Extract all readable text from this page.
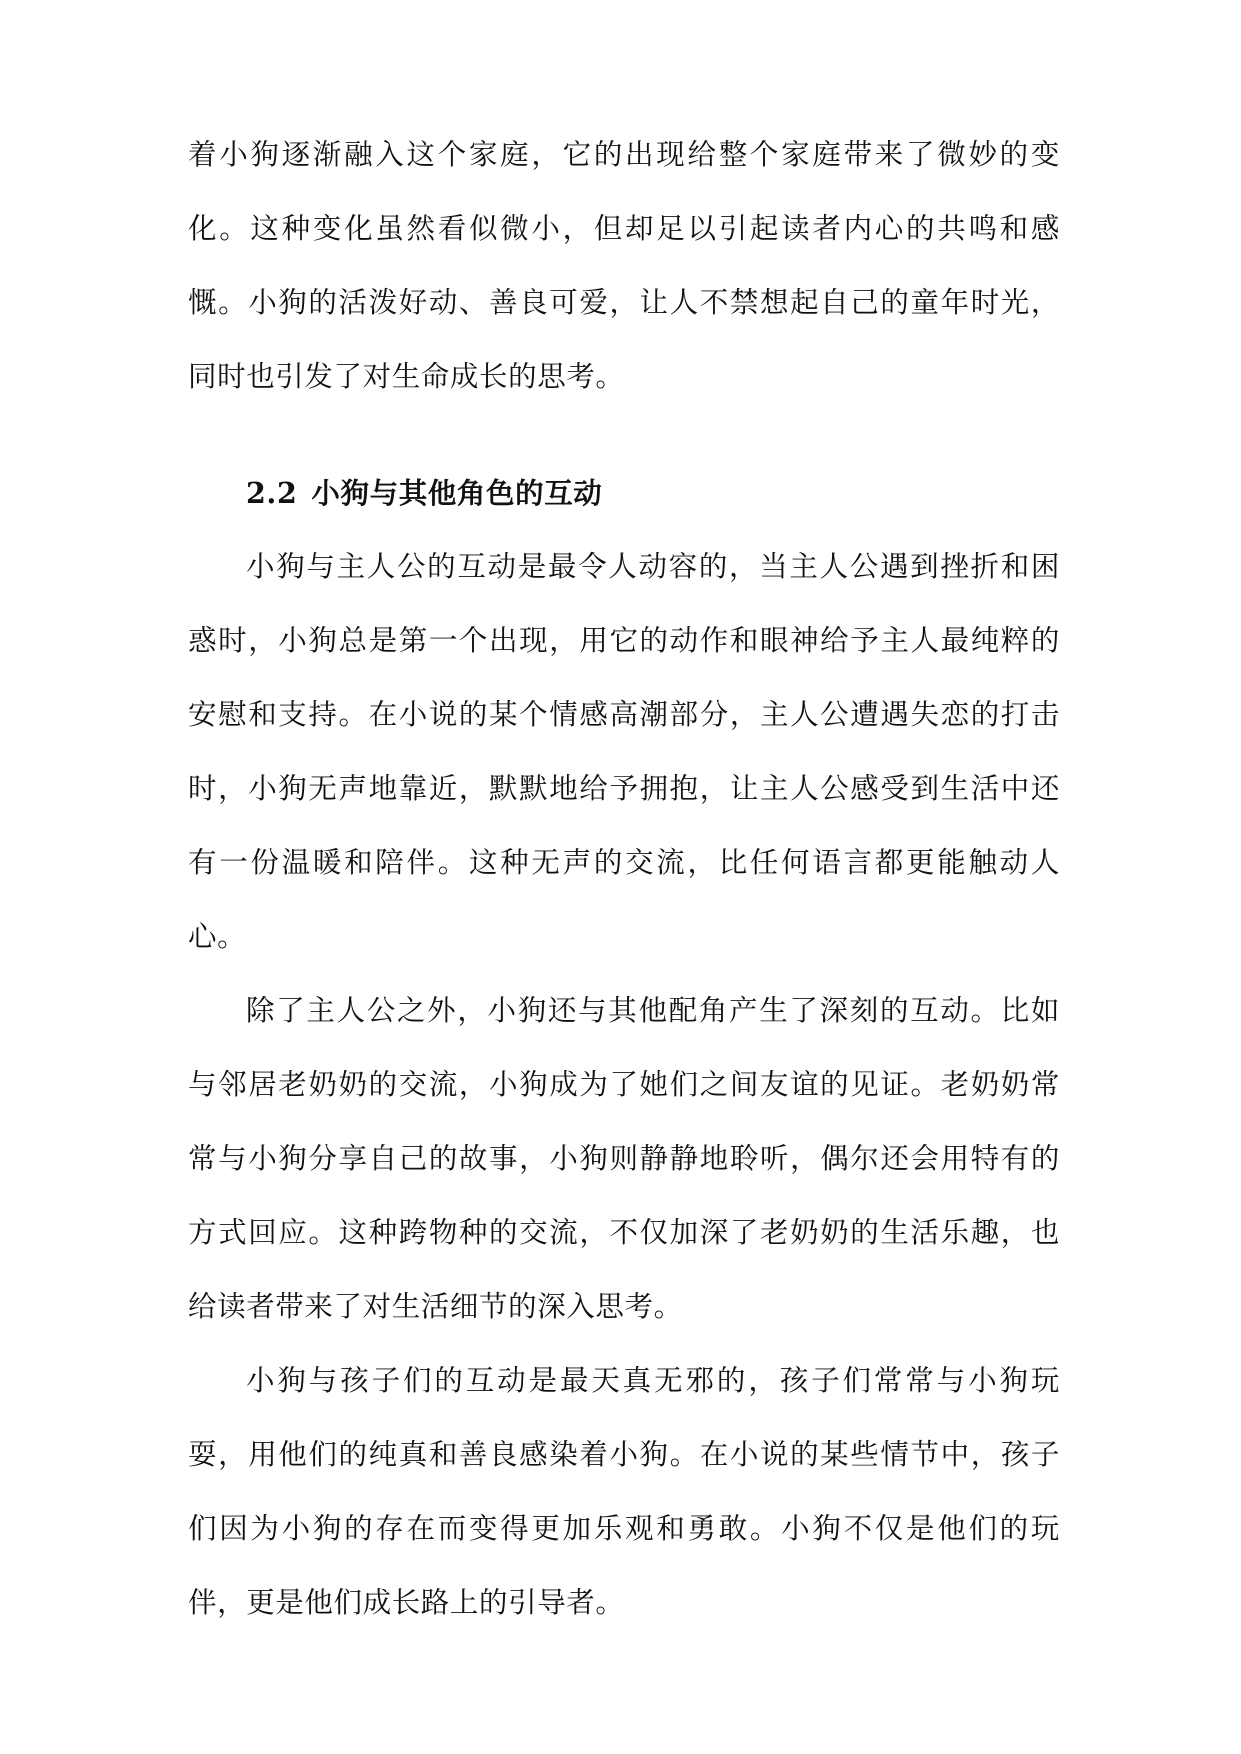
着小狗逐渐融入这个家庭，它的出现给整个家庭带来了微妙的变化。这种变化虽然看似微小，但却足以引起读者内心的共鸣和感慨。小狗的活泼好动、善良可爱，让人不禁想起自己的童年时光，同时也引发了对生命成长的思考。

2.2 小狗与其他角色的互动

小狗与主人公的互动是最令人动容的，当主人公遇到挫折和困惑时，小狗总是第一个出现，用它的动作和眼神给予主人最纯粹的安慰和支持。在小说的某个情感高潮部分，主人公遭遇失恋的打击时，小狗无声地靠近，默默地给予拥抱，让主人公感受到生活中还有一份温暖和陪伴。这种无声的交流，比任何语言都更能触动人心。

除了主人公之外，小狗还与其他配角产生了深刻的互动。比如与邻居老奶奶的交流，小狗成为了她们之间友谊的见证。老奶奶常常与小狗分享自己的故事，小狗则静静地聆听，偶尔还会用特有的方式回应。这种跨物种的交流，不仅加深了老奶奶的生活乐趣，也给读者带来了对生活细节的深入思考。

小狗与孩子们的互动是最天真无邪的，孩子们常常与小狗玩耍，用他们的纯真和善良感染着小狗。在小说的某些情节中，孩子们因为小狗的存在而变得更加乐观和勇敢。小狗不仅是他们的玩伴，更是他们成长路上的引导者。
